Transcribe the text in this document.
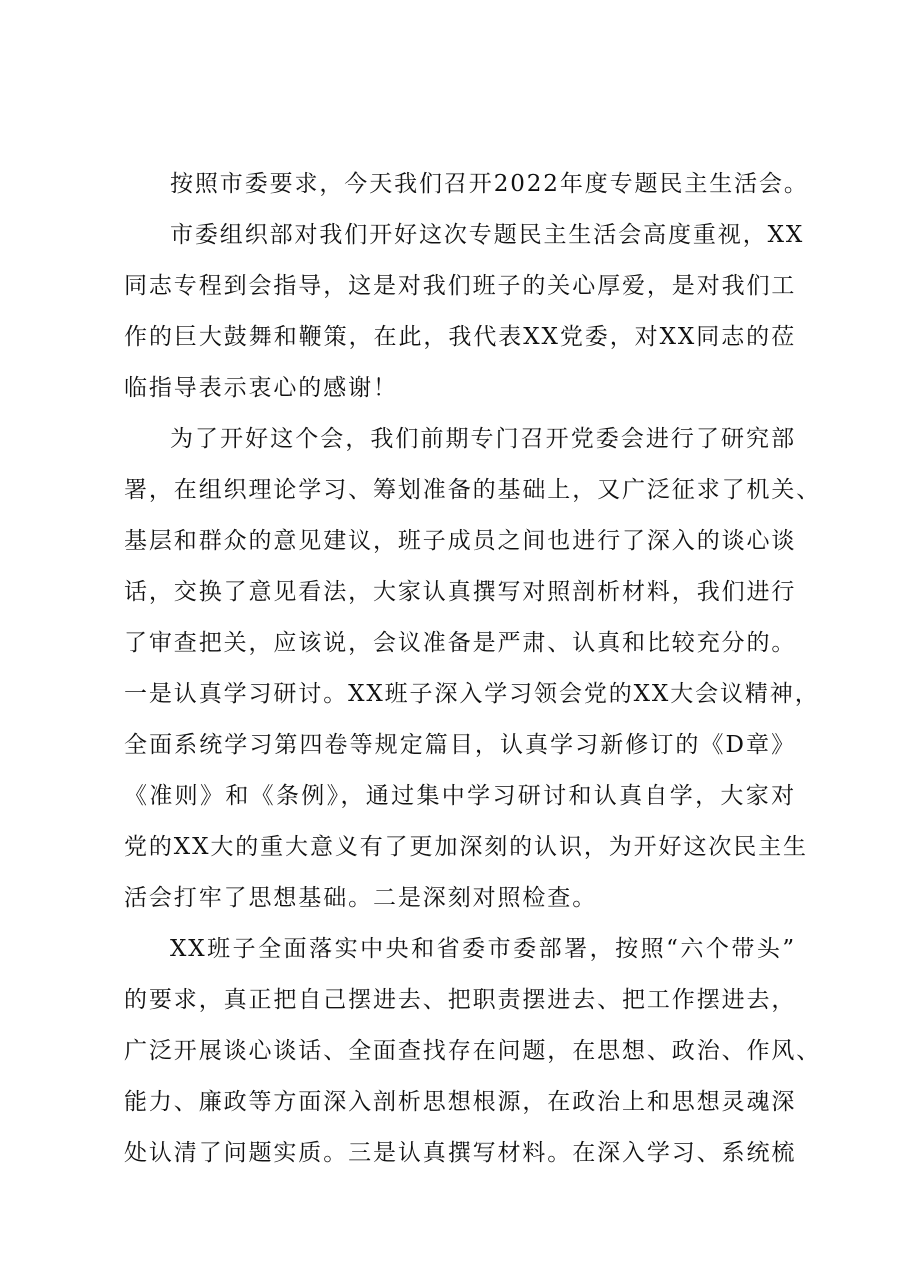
按照市委要求，今天我们召开2022年度专题民主生活会。
市委组织部对我们开好这次专题民主生活会高度重视，XX
同志专程到会指导，这是对我们班子的关心厚爱，是对我们工
作的巨大鼓舞和鞭策，在此，我代表XX党委，对XX同志的莅
临指导表示衷心的感谢！
为了开好这个会，我们前期专门召开党委会进行了研究部
署，在组织理论学习、筹划准备的基础上，又广泛征求了机关、
基层和群众的意见建议，班子成员之间也进行了深入的谈心谈
话，交换了意见看法，大家认真撰写对照剖析材料，我们进行
了审查把关，应该说，会议准备是严肃、认真和比较充分的。
一是认真学习研讨。XX班子深入学习领会党的XX大会议精神，
全面系统学习第四卷等规定篇目，认真学习新修订的《D章》
《准则》和《条例》，通过集中学习研讨和认真自学，大家对
党的XX大的重大意义有了更加深刻的认识，为开好这次民主生
活会打牢了思想基础。二是深刻对照检查。
XX班子全面落实中央和省委市委部署，按照“六个带头”
的要求，真正把自己摆进去、把职责摆进去、把工作摆进去，
广泛开展谈心谈话、全面查找存在问题，在思想、政治、作风、
能力、廉政等方面深入剖析思想根源，在政治上和思想灵魂深
处认清了问题实质。三是认真撰写材料。在深入学习、系统梳
